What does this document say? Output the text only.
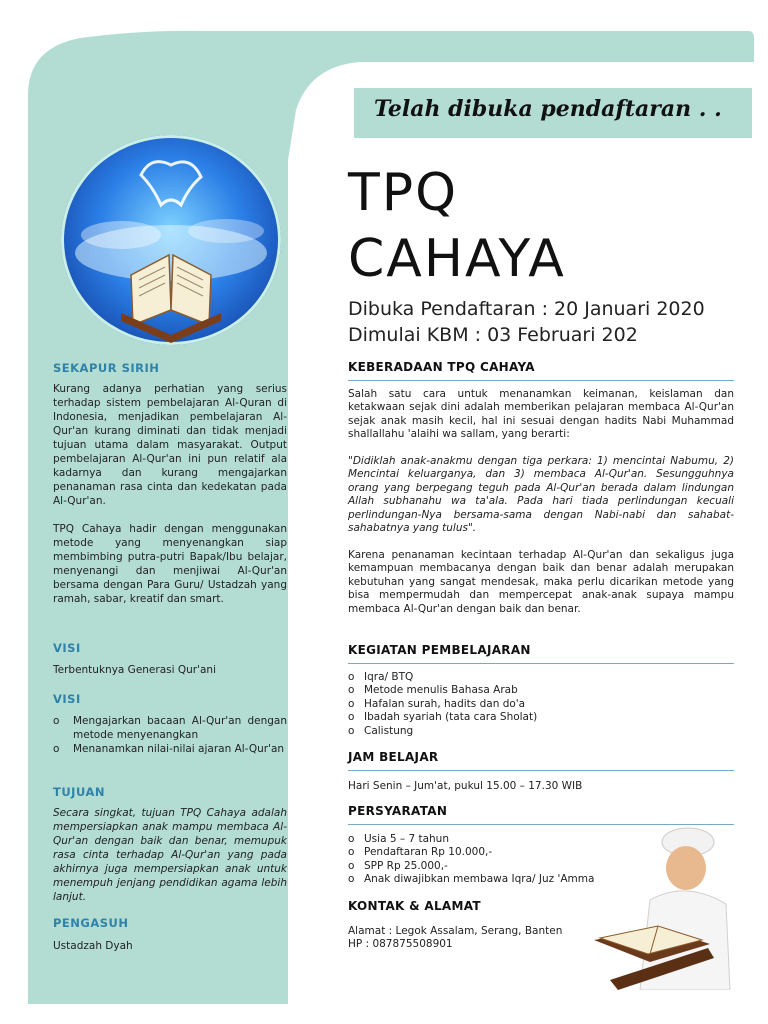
Telah dibuka pendaftaran . .
TPQ
CAHAYA
Dibuka Pendaftaran : 20 Januari 2020
Dimulai KBM : 03 Februari 202
SEKAPUR SIRIH
Kurang adanya perhatian yang serius terhadap sistem pembelajaran Al-Quran di Indonesia, menjadikan pembelajaran Al-Qur'an kurang diminati dan tidak menjadi tujuan utama dalam masyarakat. Output pembelajaran Al-Qur'an ini pun relatif ala kadarnya dan kurang mengajarkan penanaman rasa cinta dan kedekatan pada Al-Qur'an.
TPQ Cahaya hadir dengan menggunakan metode yang menyenangkan siap membimbing putra-putri Bapak/Ibu belajar, menyenangi dan menjiwai Al-Qur'an bersama dengan Para Guru/ Ustadzah yang ramah, sabar, kreatif dan smart.
VISI
Terbentuknya Generasi Qur'ani
VISI
o Mengajarkan bacaan Al-Qur'an dengan metode menyenangkan
o Menanamkan nilai-nilai ajaran Al-Qur'an
TUJUAN
Secara singkat, tujuan TPQ Cahaya adalah mempersiapkan anak mampu membaca Al-Qur'an dengan baik dan benar, memupuk rasa cinta terhadap Al-Qur'an yang pada akhirnya juga mempersiapkan anak untuk menempuh jenjang pendidikan agama lebih lanjut.
PENGASUH
Ustadzah Dyah
KEBERADAAN TPQ CAHAYA
Salah satu cara untuk menanamkan keimanan, keislaman dan ketakwaan sejak dini adalah memberikan pelajaran membaca Al-Qur'an sejak anak masih kecil, hal ini sesuai dengan hadits Nabi Muhammad shallallahu 'alaihi wa sallam, yang berarti:
"Didiklah anak-anakmu dengan tiga perkara: 1) mencintai Nabumu, 2) Mencintai keluarganya, dan 3) membaca Al-Qur'an. Sesungguhnya orang yang berpegang teguh pada Al-Qur'an berada dalam lindungan Allah subhanahu wa ta'ala. Pada hari tiada perlindungan kecuali perlindungan-Nya bersama-sama dengan Nabi-nabi dan sahabat-sahabatnya yang tulus".
Karena penanaman kecintaan terhadap Al-Qur'an dan sekaligus juga kemampuan membacanya dengan baik dan benar adalah merupakan kebutuhan yang sangat mendesak, maka perlu dicarikan metode yang bisa mempermudah dan mempercepat anak-anak supaya mampu membaca Al-Qur'an dengan baik dan benar.
KEGIATAN PEMBELAJARAN
o Iqra/ BTQ
o Metode menulis Bahasa Arab
o Hafalan surah, hadits dan do'a
o Ibadah syariah (tata cara Sholat)
o Calistung
JAM BELAJAR
Hari Senin – Jum'at, pukul 15.00 – 17.30 WIB
PERSYARATAN
o Usia 5 – 7 tahun
o Pendaftaran Rp 10.000,-
o SPP Rp 25.000,-
o Anak diwajibkan membawa Iqra/ Juz 'Amma
KONTAK & ALAMAT
Alamat : Legok Assalam, Serang, Banten
HP : 087875508901
